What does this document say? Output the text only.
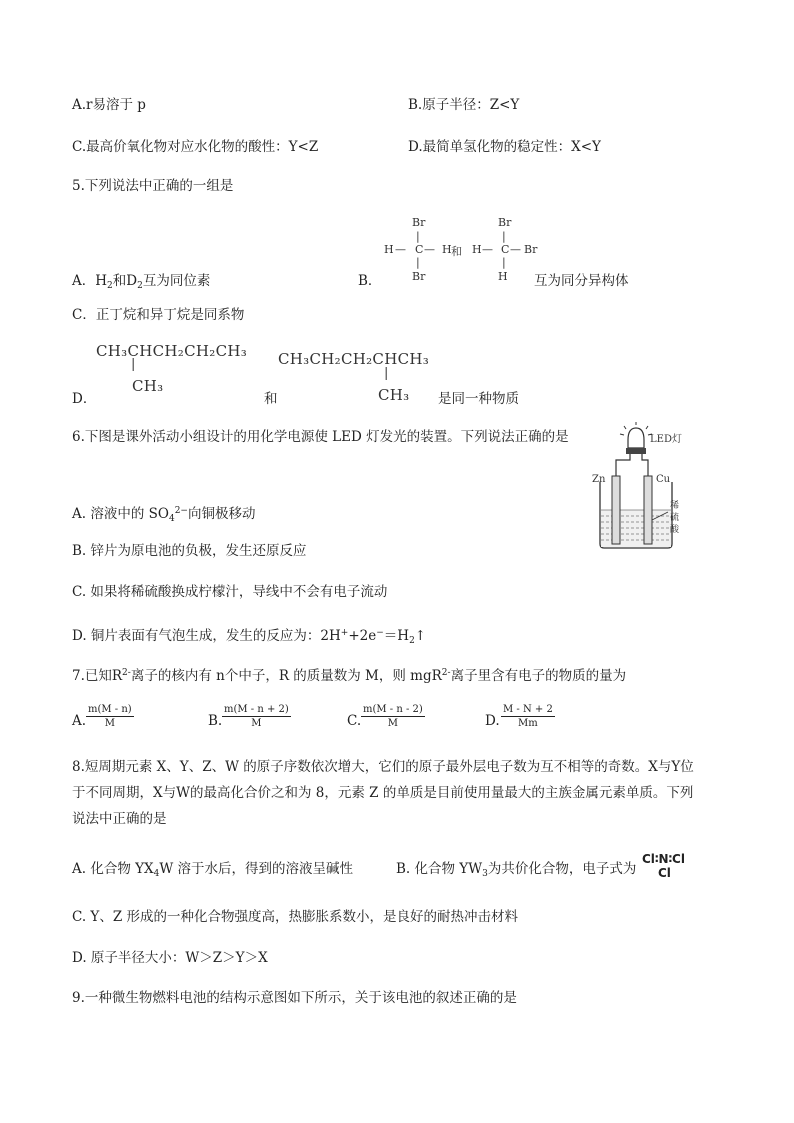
A.r易溶于 p	B.原子半径：Z<Y
C.最高价氧化物对应水化物的酸性：Y<Z	D.最简单氢化物的稳定性：X<Y
5.下列说法中正确的一组是
Br
|
H — C — H
|
Br
和
Br
|
H — C — Br
|
H
A．$H_2$和$D_2$互为同位素	B．	互为同分异构体
C．正丁烷和异丁烷是同系物
CH₃CHCH₂CH₂CH₃
|
CH₃
CH₃CH₂CH₂CHCH₃
|
CH₃
D．	和	是同一种物质
6.下图是课外活动小组设计的用化学电源使 LED 灯发光的装置。下列说法正确的是	LED灯
Zn	Cu
稀
硫
酸
A. 溶液中的 $SO_4^{2-}$向铜极移动
B. 锌片为原电池的负极，发生还原反应
C. 如果将稀硫酸换成柠檬汁，导线中不会有电子流动
D. 铜片表面有气泡生成，发生的反应为：$2H^++2e^-=H_2↑$
7.已知$R^{2-}$离子的核内有 n个中子，R 的质量数为 M，则 mgR$^{2-}$离子里含有电子的物质的量为
A. $\frac{m(M - n)}{M}$	B. $\frac{m(M - n + 2)}{M}$	C. $\frac{m(M - n - 2)}{M}$	D. $\frac{M - N + 2}{Mm}$
8.短周期元素 X、Y、Z、W 的原子序数依次增大，它们的原子最外层电子数为互不相等的奇数。X与Y位
于不同周期，X与W的最高化合价之和为 8，元素 Z 的单质是目前使用量最大的主族金属元素单质。下列
说法中正确的是
A. 化合物 $YX_4W$ 溶于水后，得到的溶液呈碱性	B. 化合物 $YW_3$为共价化合物，电子式为
Cl∶N∶Cl
Cl
C. Y、Z 形成的一种化合物强度高，热膨胀系数小，是良好的耐热冲击材料
D. 原子半径大小：W＞Z＞Y＞X
9.一种微生物燃料电池的结构示意图如下所示，关于该电池的叙述正确的是
